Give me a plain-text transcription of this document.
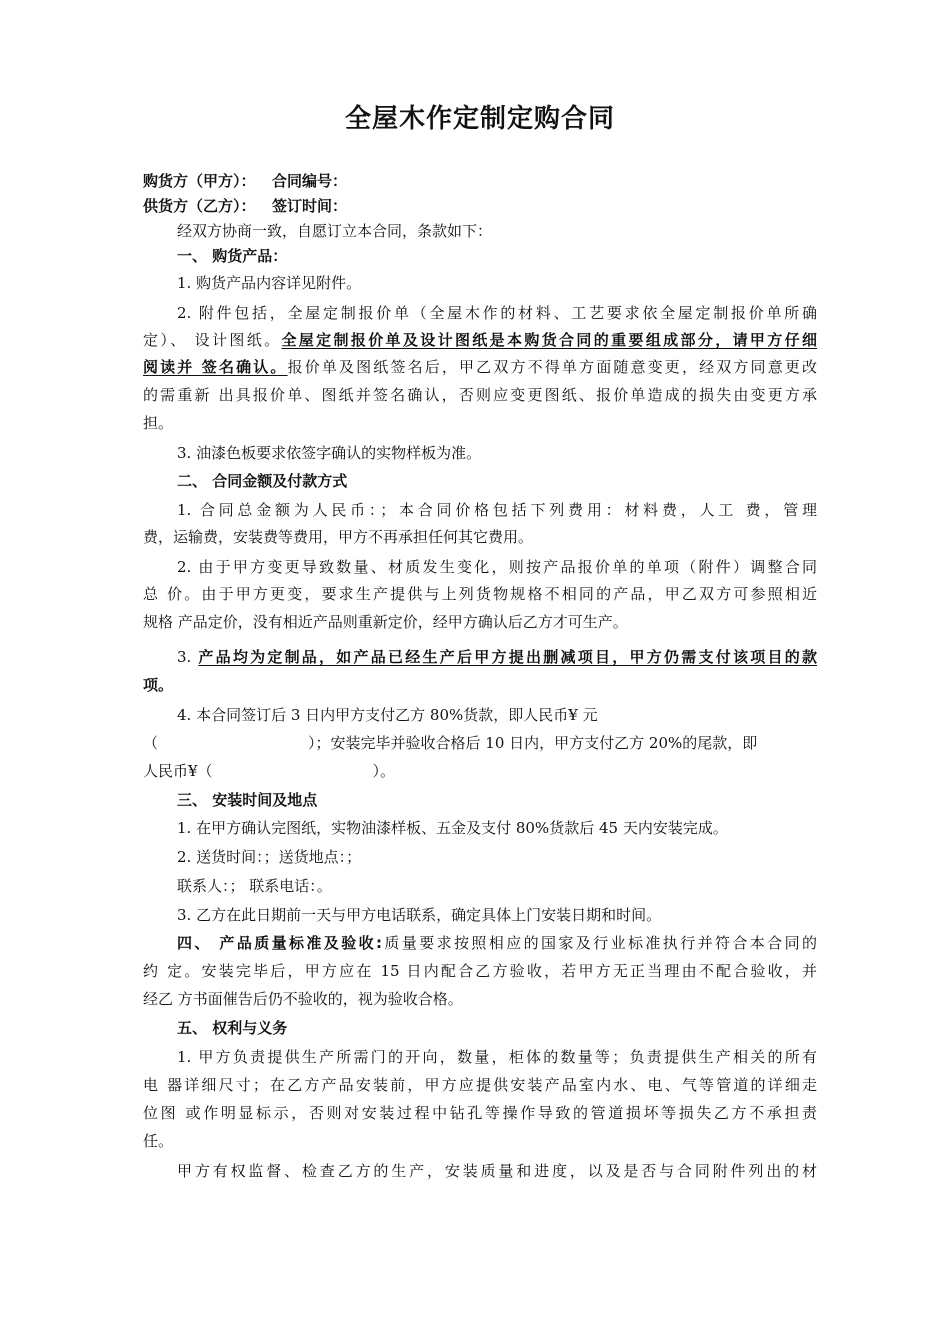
全屋木作定制定购合同
购货方（甲方）： 合同编号：
供货方（乙方）： 签订时间：
经双方协商一致，自愿订立本合同，条款如下：
一、 购货产品：
1. 购货产品内容详见附件。
2. 附件包括，全屋定制报价单（全屋木作的材料、工艺要求依全屋定制报价单所确
定）、 设计图纸。全屋定制报价单及设计图纸是本购货合同的重要组成部分，请甲方仔细
阅读并 签名确认。报价单及图纸签名后，甲乙双方不得单方面随意变更，经双方同意更改
的需重新 出具报价单、图纸并签名确认，否则应变更图纸、报价单造成的损失由变更方承
担。
3. 油漆色板要求依签字确认的实物样板为准。
二、 合同金额及付款方式
1. 合同总金额为人民币：；本合同价格包括下列费用：材料费，人工 费，管理
费，运输费，安装费等费用，甲方不再承担任何其它费用。
2. 由于甲方变更导致数量、材质发生变化，则按产品报价单的单项（附件）调整合同
总 价。由于甲方更变，要求生产提供与上列货物规格不相同的产品，甲乙双方可参照相近
规格 产品定价，没有相近产品则重新定价，经甲方确认后乙方才可生产。
3. 产品均为定制品，如产品已经生产后甲方提出删减项目，甲方仍需支付该项目的款
项。
4. 本合同签订后 3 日内甲方支付乙方 80%货款，即人民币¥ 元
（	）；安装完毕并验收合格后 10 日内，甲方支付乙方 20%的尾款，即
人民币¥（	）。
三、 安装时间及地点
1. 在甲方确认完图纸，实物油漆样板、五金及支付 80%货款后 45 天内安装完成。
2. 送货时间：；送货地点：；
联系人：； 联系电话：。
3. 乙方在此日期前一天与甲方电话联系，确定具体上门安装日期和时间。
四、 产品质量标准及验收:质量要求按照相应的国家及行业标准执行并符合本合同的
约 定。安装完毕后，甲方应在 15 日内配合乙方验收，若甲方无正当理由不配合验收，并
经乙 方书面催告后仍不验收的，视为验收合格。
五、 权利与义务
1. 甲方负责提供生产所需门的开向，数量，柜体的数量等；负责提供生产相关的所有
电 器详细尺寸；在乙方产品安装前，甲方应提供安装产品室内水、电、气等管道的详细走
位图 或作明显标示，否则对安装过程中钻孔等操作导致的管道损坏等损失乙方不承担责
任。
甲方有权监督、检查乙方的生产，安装质量和进度，以及是否与合同附件列出的材
